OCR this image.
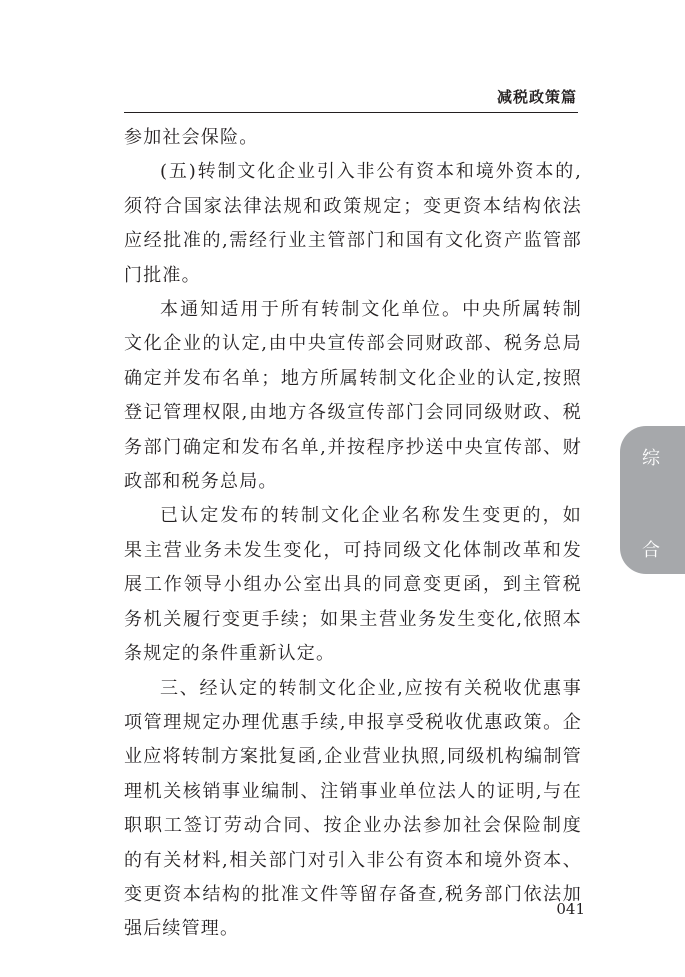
减税政策篇

参加社会保险。

(五)转制文化企业引入非公有资本和境外资本的,须符合国家法律法规和政策规定；变更资本结构依法应经批准的,需经行业主管部门和国有文化资产监管部门批准。

本通知适用于所有转制文化单位。中央所属转制文化企业的认定,由中央宣传部会同财政部、税务总局确定并发布名单；地方所属转制文化企业的认定,按照登记管理权限,由地方各级宣传部门会同同级财政、税务部门确定和发布名单,并按程序抄送中央宣传部、财政部和税务总局。

已认定发布的转制文化企业名称发生变更的，如果主营业务未发生变化，可持同级文化体制改革和发展工作领导小组办公室出具的同意变更函，到主管税务机关履行变更手续；如果主营业务发生变化,依照本条规定的条件重新认定。

三、经认定的转制文化企业,应按有关税收优惠事项管理规定办理优惠手续,申报享受税收优惠政策。企业应将转制方案批复函,企业营业执照,同级机构编制管理机关核销事业编制、注销事业单位法人的证明,与在职职工签订劳动合同、按企业办法参加社会保险制度的有关材料,相关部门对引入非公有资本和境外资本、变更资本结构的批准文件等留存备查,税务部门依法加强后续管理。

综
合
041
